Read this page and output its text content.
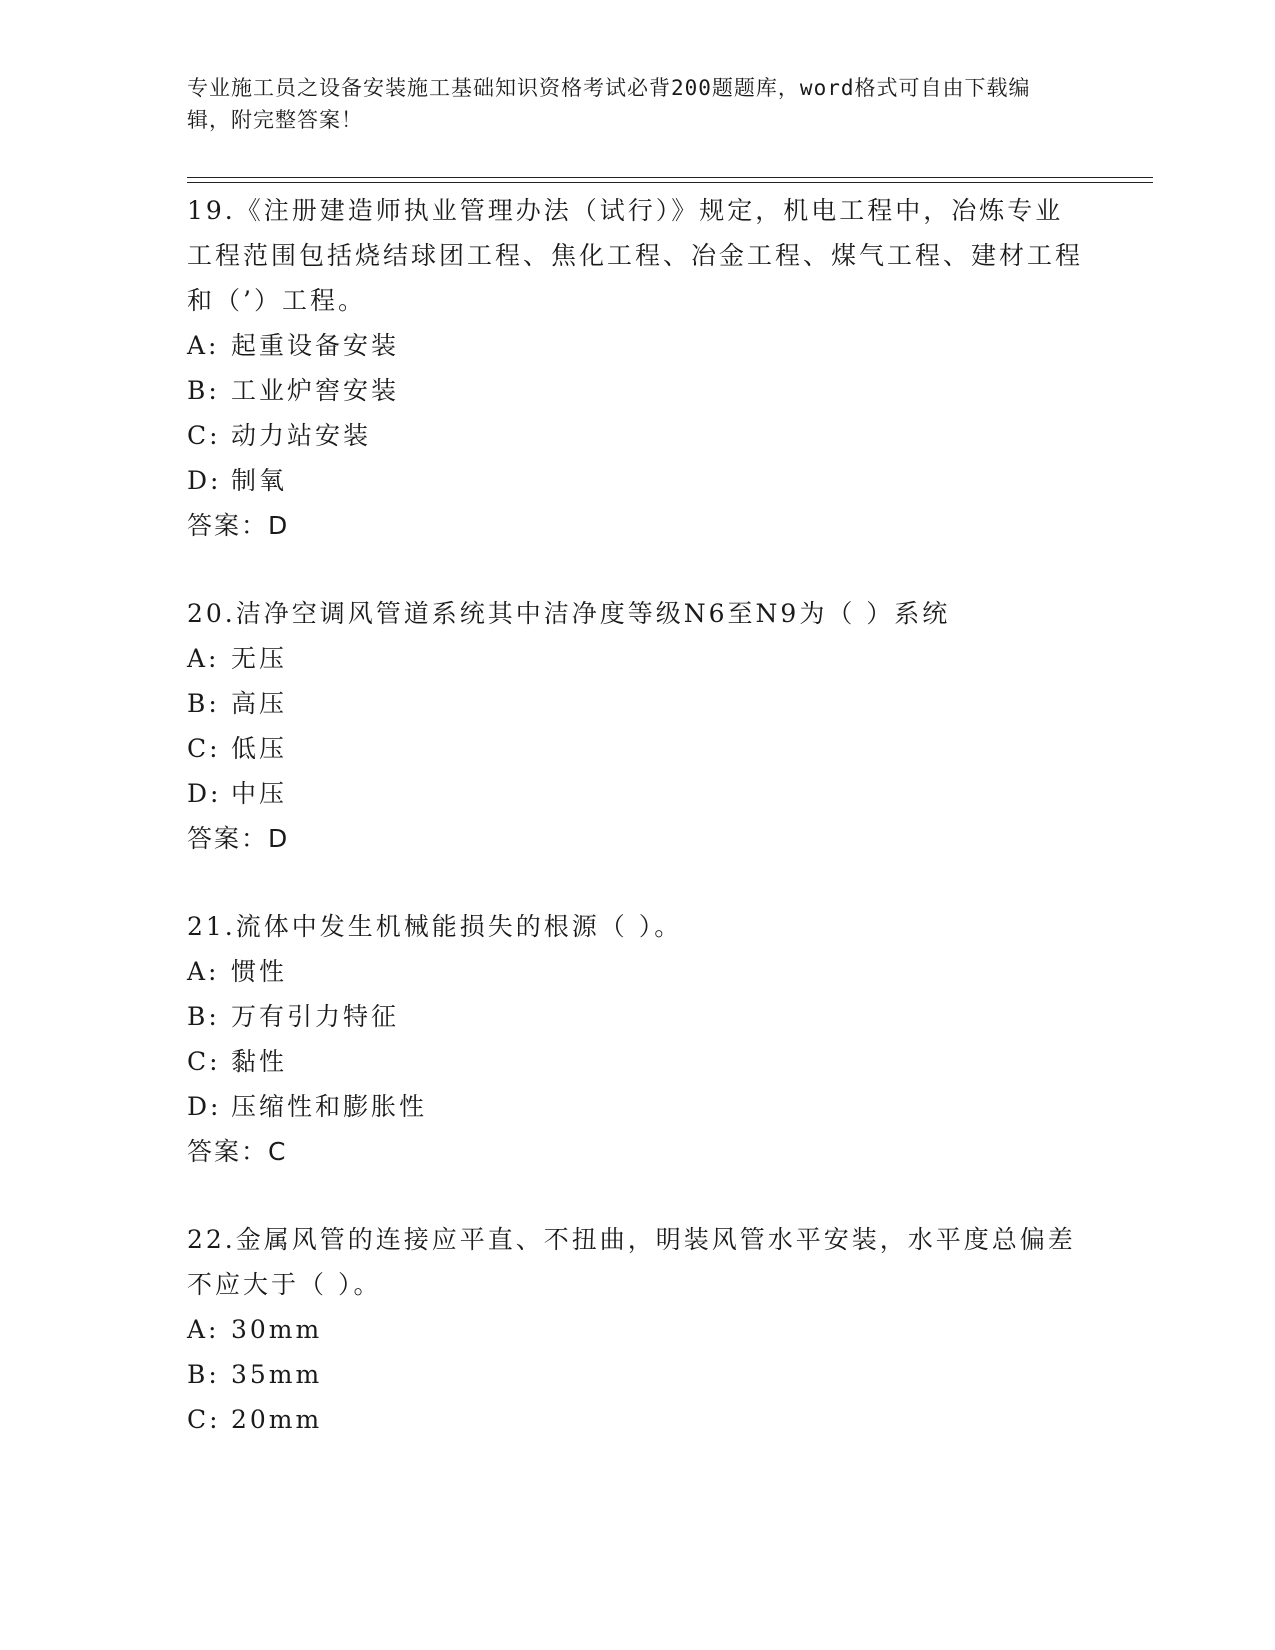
专业施工员之设备安装施工基础知识资格考试必背200题题库，word格式可自由下载编辑，附完整答案！

19.《注册建造师执业管理办法（试行）》规定，机电工程中，冶炼专业工程范围包括烧结球团工程、焦化工程、冶金工程、煤气工程、建材工程和（’）工程。

A: 起重设备安装

B: 工业炉窖安装

C: 动力站安装

D: 制氧

答案：D

20.洁净空调风管道系统其中洁净度等级N6至N9为（ ）系统

A: 无压

B: 高压

C: 低压

D: 中压

答案：D

21.流体中发生机械能损失的根源（ ）。

A: 惯性

B: 万有引力特征

C: 黏性

D: 压缩性和膨胀性

答案：C

22.金属风管的连接应平直、不扭曲，明装风管水平安装，水平度总偏差不应大于（ ）。

A: 30mm

B: 35mm

C: 20mm
